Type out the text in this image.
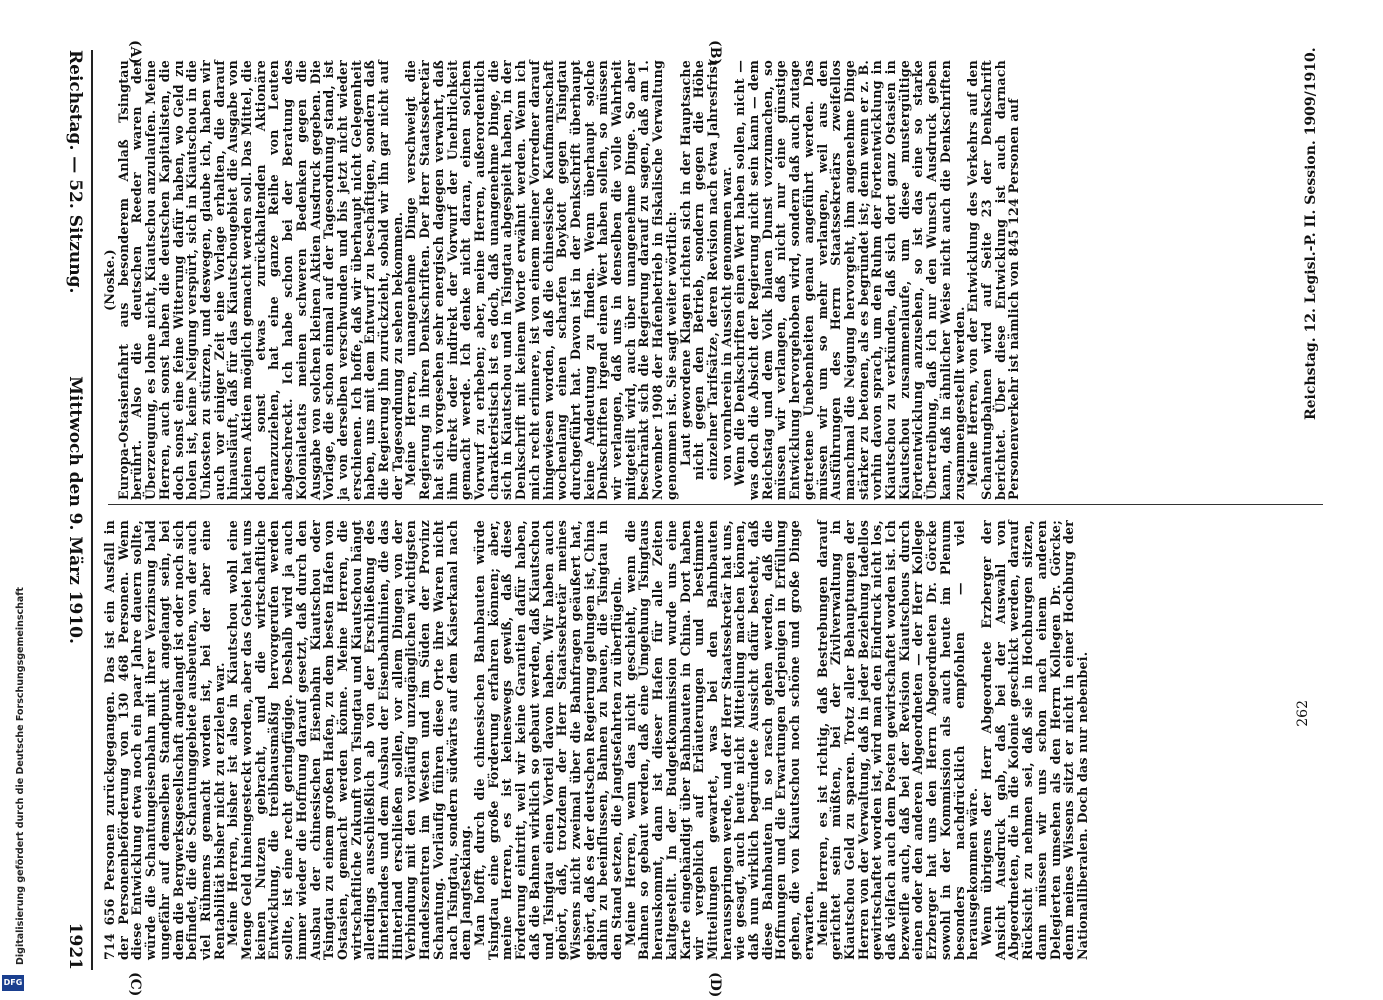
Reichstag. — 52. Sitzung.
Mittwoch den 9. März 1910.
1921
(A)	(B)
(C)	(D)

(Noske.)

Europa-Ostasienfahrt aus besonderem Anlaß Tsingtau berührt. Also die deutschen Reeder waren der Überzeugung, es lohne nicht, Kiautschou anzulaufen. Meine Herren, auch sonst haben die deutschen Kapitalisten, die doch sonst eine feine Witterung dafür haben, wo Geld zu holen ist, keine Neigung verspürt, sich in Kiautschou in die Unkosten zu stürzen, und deswegen, glaube ich, haben wir auch vor einiger Zeit eine Vorlage erhalten, die darauf hinausläuft, daß für das Kiautschougebiet die Ausgabe von kleinen Aktien möglich gemacht werden soll. Das Mittel, die doch sonst etwas zurückhaltenden Aktionäre heranzuziehen, hat eine ganze Reihe von Leuten abgeschreckt. Ich habe schon bei der Beratung des Kolonialetats meinen schweren Bedenken gegen die Ausgabe von solchen kleinen Aktien Ausdruck gegeben. Die Vorlage, die schon einmal auf der Tagesordnung stand, ist ja von derselben verschwunden und bis jetzt nicht wieder erschienen. Ich hoffe, daß wir überhaupt nicht Gelegenheit haben, uns mit dem Entwurf zu beschäftigen, sondern daß die Regierung ihn zurückzieht, sobald wir ihn gar nicht auf der Tagesordnung zu sehen bekommen.

Meine Herren, unangenehme Dinge verschweigt die Regierung in ihren Denkschriften. Der Herr Staatssekretär hat sich vorgesehen sehr energisch dagegen verwahrt, daß ihm direkt oder indirekt der Vorwurf der Unehrlichkeit gemacht werde. Ich denke nicht daran, einen solchen Vorwurf zu erheben; aber, meine Herren, außerordentlich charakteristisch ist es doch, daß unangenehme Dinge, die sich in Kiautschou und in Tsingtau abgespielt haben, in der Denkschrift mit keinem Worte erwähnt werden. Wenn ich mich recht erinnere, ist von einem meiner Vorredner darauf hingewiesen worden, daß die chinesische Kaufmannschaft wochenlang einen scharfen Boykott gegen Tsingtau durchgeführt hat. Davon ist in der Denkschrift überhaupt keine Andeutung zu finden. Wenn überhaupt solche Denkschriften irgend einen Wert haben sollen, so müssen wir verlangen, daß uns in denselben die volle Wahrheit mitgeteilt wird, auch über unangenehme Dinge. So aber beschränkt sich die Regierung darauf zu sagen, daß am 1. November 1908 der Hafenbetrieb in fiskalische Verwaltung genommen ist. Sie sagt weiter wörtlich:

Laut gewordene Klagen richten sich in der Hauptsache nicht gegen den Betrieb, sondern gegen die Höhe einzelner Tarifsätze, deren Revision nach etwa Jahresfrist von vornherein in Aussicht genommen war.

Wenn die Denkschriften einen Wert haben sollen, nicht — was doch die Absicht der Regierung nicht sein kann — dem Reichstag und dem Volk blauen Dunst vorzumachen, so müssen wir verlangen, daß nicht nur eine günstige Entwicklung hervorgehoben wird, sondern daß auch zutage getretene Unebenheiten genau angeführt werden. Das müssen wir um so mehr verlangen, weil aus den Ausführungen des Herrn Staatssekretärs zweifellos manchmal die Neigung hervorgeht, ihm angenehme Dinge stärker zu betonen, als es begründet ist; denn wenn er z. B. vorhin davon sprach, um den Ruhm der Fortentwicklung in Kiautschou zu verkünden, daß sich dort ganz Ostasien in Kiautschou zusammenlaufe, um diese mustergültige Fortentwicklung anzusehen, so ist das eine so starke Übertreibung, daß ich nur den Wunsch Ausdruck geben kann, daß in ähnlicher Weise nicht auch die Denkschriften zusammengestellt werden.

Meine Herren, von der Entwicklung des Verkehrs auf den Schantungbahnen wird auf Seite 23 der Denkschrift berichtet. Über diese Entwicklung ist auch darnach Personenverkehr ist nämlich von 845 124 Personen auf

714 656 Personen zurückgegangen. Das ist ein Ausfall in der Personenbeförderung von 130 468 Personen. Wenn diese Entwicklung etwa noch ein paar Jahre dauern sollte, würde die Schantungeisenbahn mit ihrer Verzinsung bald ungefähr auf demselben Standpunkt angelangt sein, bei dem die Bergwerksgesellschaft angelangt ist oder noch sich befindet, die die Schantunggebiete ausbeuten, von der auch viel Rühmens gemacht worden ist, bei der aber eine Rentabilität bisher nicht zu erzielen war.

Meine Herren, bisher ist also in Kiautschou wohl eine Menge Geld hineingesteckt worden, aber das Gebiet hat uns keinen Nutzen gebracht, und die wirtschaftliche Entwicklung, die treibhausmäßig hervorgerufen werden sollte, ist eine recht geringfügige. Deshalb wird ja auch immer wieder die Hoffnung darauf gesetzt, daß durch den Ausbau der chinesischen Eisenbahn Kiautschou oder Tsingtau zu einem großen Hafen, zu dem besten Hafen von Ostasien, gemacht werden könne. Meine Herren, die wirtschaftliche Zukunft von Tsingtau und Kiautschou hängt allerdings ausschließlich ab von der Erschließung des Hinterlandes und dem Ausbau der Eisenbahnlinien, die das Hinterland erschließen sollen, vor allem Dingen von der Verbindung mit den vorläufig unzugänglichen wichtigsten Handelszentren im Westen und im Süden der Provinz Schantung. Vorläufig führen diese Orte ihre Waren nicht nach Tsingtau, sondern südwärts auf dem Kaiserkanal nach dem Jangtsekiang.

Man hofft, durch die chinesischen Bahnbauten würde Tsingtau eine große Förderung erfahren können; aber, meine Herren, es ist keineswegs gewiß, daß diese Förderung eintritt, weil wir keine Garantien dafür haben, daß die Bahnen wirklich so gebaut werden, daß Kiautschou und Tsingtau einen Vorteil davon haben. Wir haben auch gehört, daß, trotzdem der Herr Staatssekretär meines Wissens nicht zweimal über die Bahnfragen geäußert hat, gehört, daß es der deutschen Regierung gelungen ist, China dahin zu beeinflussen, Bahnen zu bauen, die Tsingtau in den Stand setzen, die Jangtsefahrten zu überflügeln.

Meine Herren, wenn das nicht geschieht, wenn die Bahnen so gebaut werden, daß eine Umgehung Tsingtaus herauskommt, dann ist dieser Hafen für alle Zeiten kaltgestellt. In der Budgetkommission wurde uns eine Karte eingehändigt über Bahnbauten in China. Dort haben wir vergeblich auf Erläuterungen und bestimmte Mitteilungen gewartet, was bei den Bahnbauten herausspringen werde, und der Herr Staatssekretär hat uns, wie gesagt, auch heute nicht Mitteilung machen können, daß nun wirklich begründete Aussicht dafür besteht, daß diese Bahnbauten in so rasch gehen werden, daß die Hoffnungen und die Erwartungen derjenigen in Erfüllung gehen, die von Kiautschou noch schöne und große Dinge erwarten.

Meine Herren, es ist richtig, daß Bestrebungen darauf gerichtet sein müßten, bei der Zivilverwaltung in Kiautschou Geld zu sparen. Trotz aller Behauptungen der Herren von der Verwaltung, daß in jeder Beziehung tadellos gewirtschaftet worden ist, wird man den Eindruck nicht los, daß vielfach auch dem Posten gewirtschaftet worden ist. Ich bezweifle auch, daß bei der Revision Kiautschous durch einen oder den anderen Abgeordneten — der Herr Kollege Erzberger hat uns den Herrn Abgeordneten Dr. Görcke sowohl in der Kommission als auch heute im Plenum besonders nachdrücklich empfohlen — viel herausgekommen wäre.

Wenn übrigens der Herr Abgeordnete Erzberger der Ansicht Ausdruck gab, daß bei der Auswahl von Abgeordneten, die in die Kolonie geschickt werden, darauf Rücksicht zu nehmen sei, daß sie in Hochburgen sitzen, dann müssen wir uns schon nach einem anderen Delegierten umsehen als den Herrn Kollegen Dr. Görcke; denn meines Wissens sitzt er nicht in einer Hochburg der Nationalliberalen. Doch das nur nebenbei.

Reichstag. 12. Legisl.-P. II. Session. 1909/1910.
262
DFG
Digitalisierung gefördert durch die Deutsche Forschungsgemeinschaft
